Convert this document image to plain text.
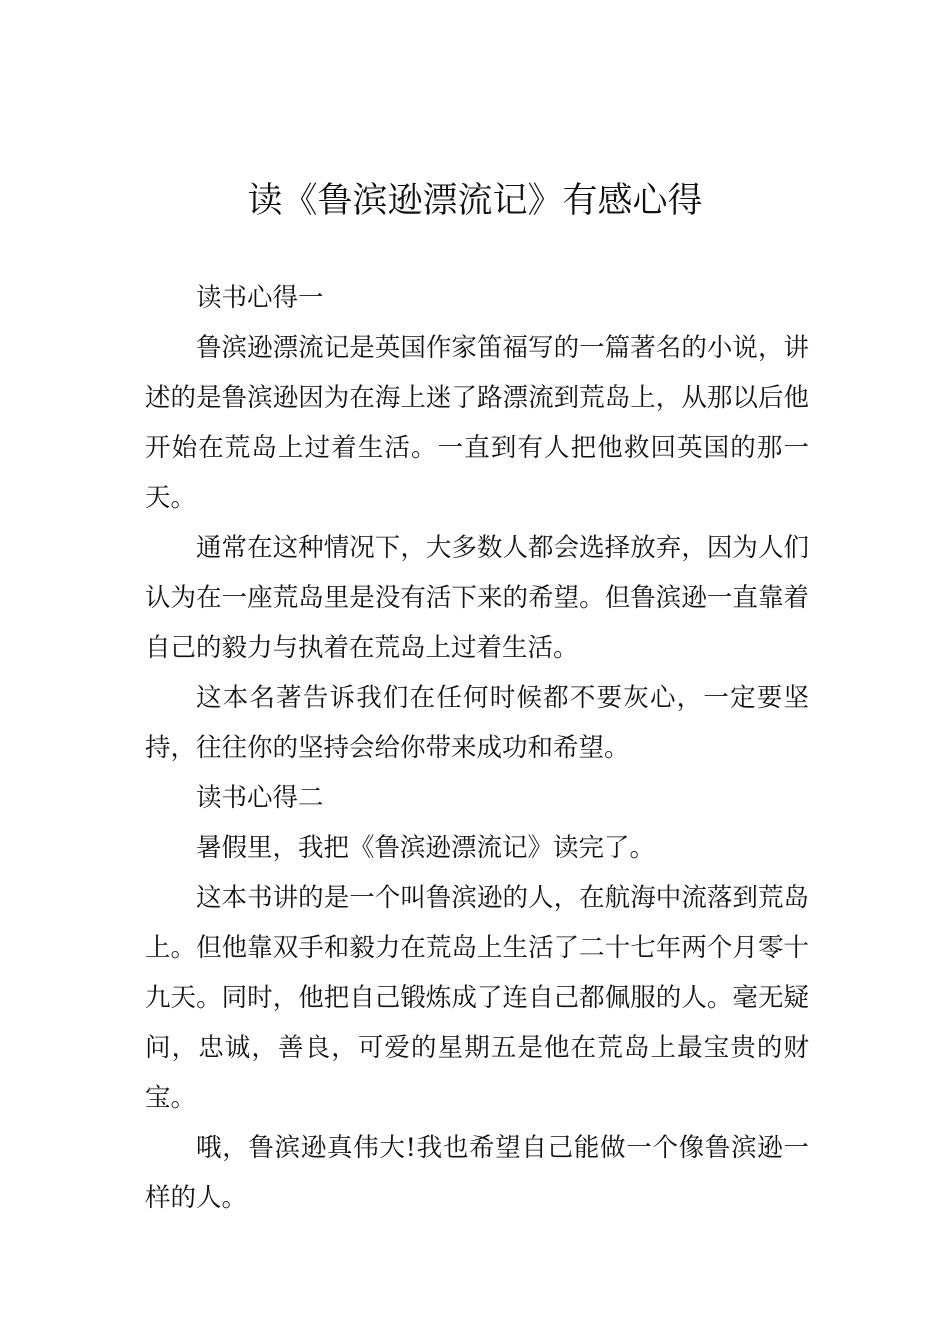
读《鲁滨逊漂流记》有感心得

读书心得一

鲁滨逊漂流记是英国作家笛福写的一篇著名的小说，讲述的是鲁滨逊因为在海上迷了路漂流到荒岛上，从那以后他开始在荒岛上过着生活。一直到有人把他救回英国的那一天。

通常在这种情况下，大多数人都会选择放弃，因为人们认为在一座荒岛里是没有活下来的希望。但鲁滨逊一直靠着自己的毅力与执着在荒岛上过着生活。

这本名著告诉我们在任何时候都不要灰心，一定要坚持，往往你的坚持会给你带来成功和希望。

读书心得二

暑假里，我把《鲁滨逊漂流记》读完了。

这本书讲的是一个叫鲁滨逊的人，在航海中流落到荒岛上。但他靠双手和毅力在荒岛上生活了二十七年两个月零十九天。同时，他把自己锻炼成了连自己都佩服的人。毫无疑问，忠诚，善良，可爱的星期五是他在荒岛上最宝贵的财宝。

哦，鲁滨逊真伟大!我也希望自己能做一个像鲁滨逊一样的人。
